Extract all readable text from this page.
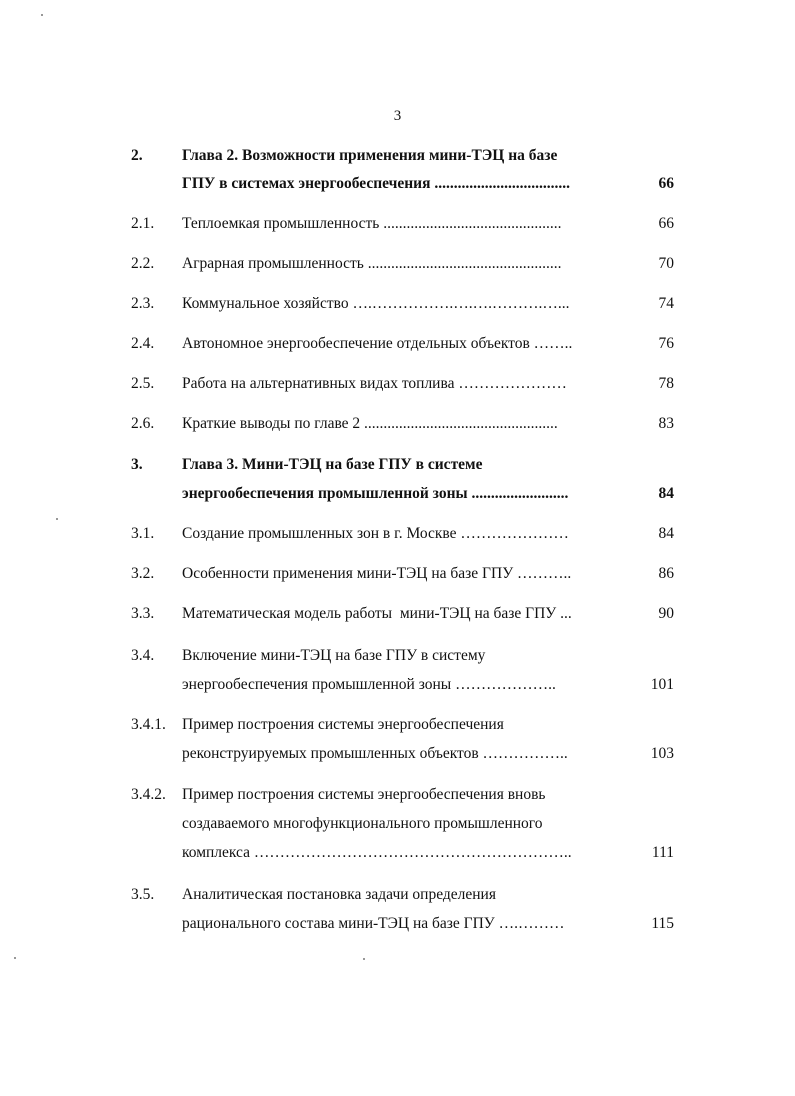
3
2.	Глава 2. Возможности применения мини-ТЭЦ на базе
ГПУ в системах энергообеспечения ...................................	66
2.1.	Теплоемкая промышленность ..............................................	66
2.2.	Аграрная промышленность ..................................................	70
2.3.	Коммунальное хозяйство ….…………….….….……….…...	74
2.4.	Автономное энергообеспечение отдельных объектов ……..	76
2.5.	Работа на альтернативных видах топлива …………………	78
2.6.	Краткие выводы по главе 2 ..................................................	83
3.	Глава 3. Мини-ТЭЦ на базе ГПУ в системе
энергообеспечения промышленной зоны .........................	84
3.1.	Создание промышленных зон в г. Москве …………………	84
3.2.	Особенности применения мини-ТЭЦ на базе ГПУ ………..	86
3.3.	Математическая модель работы  мини-ТЭЦ на базе ГПУ ...	90
3.4.	Включение мини-ТЭЦ на базе ГПУ в систему
энергообеспечения промышленной зоны ………………..	101
3.4.1.	Пример построения системы энергообеспечения
реконструируемых промышленных объектов ……………..	103
3.4.2.	Пример построения системы энергообеспечения вновь
создаваемого многофункционального промышленного
комплекса ……………………………………………………..	111
3.5.	Аналитическая постановка задачи определения
рационального состава мини-ТЭЦ на базе ГПУ ….………	115
